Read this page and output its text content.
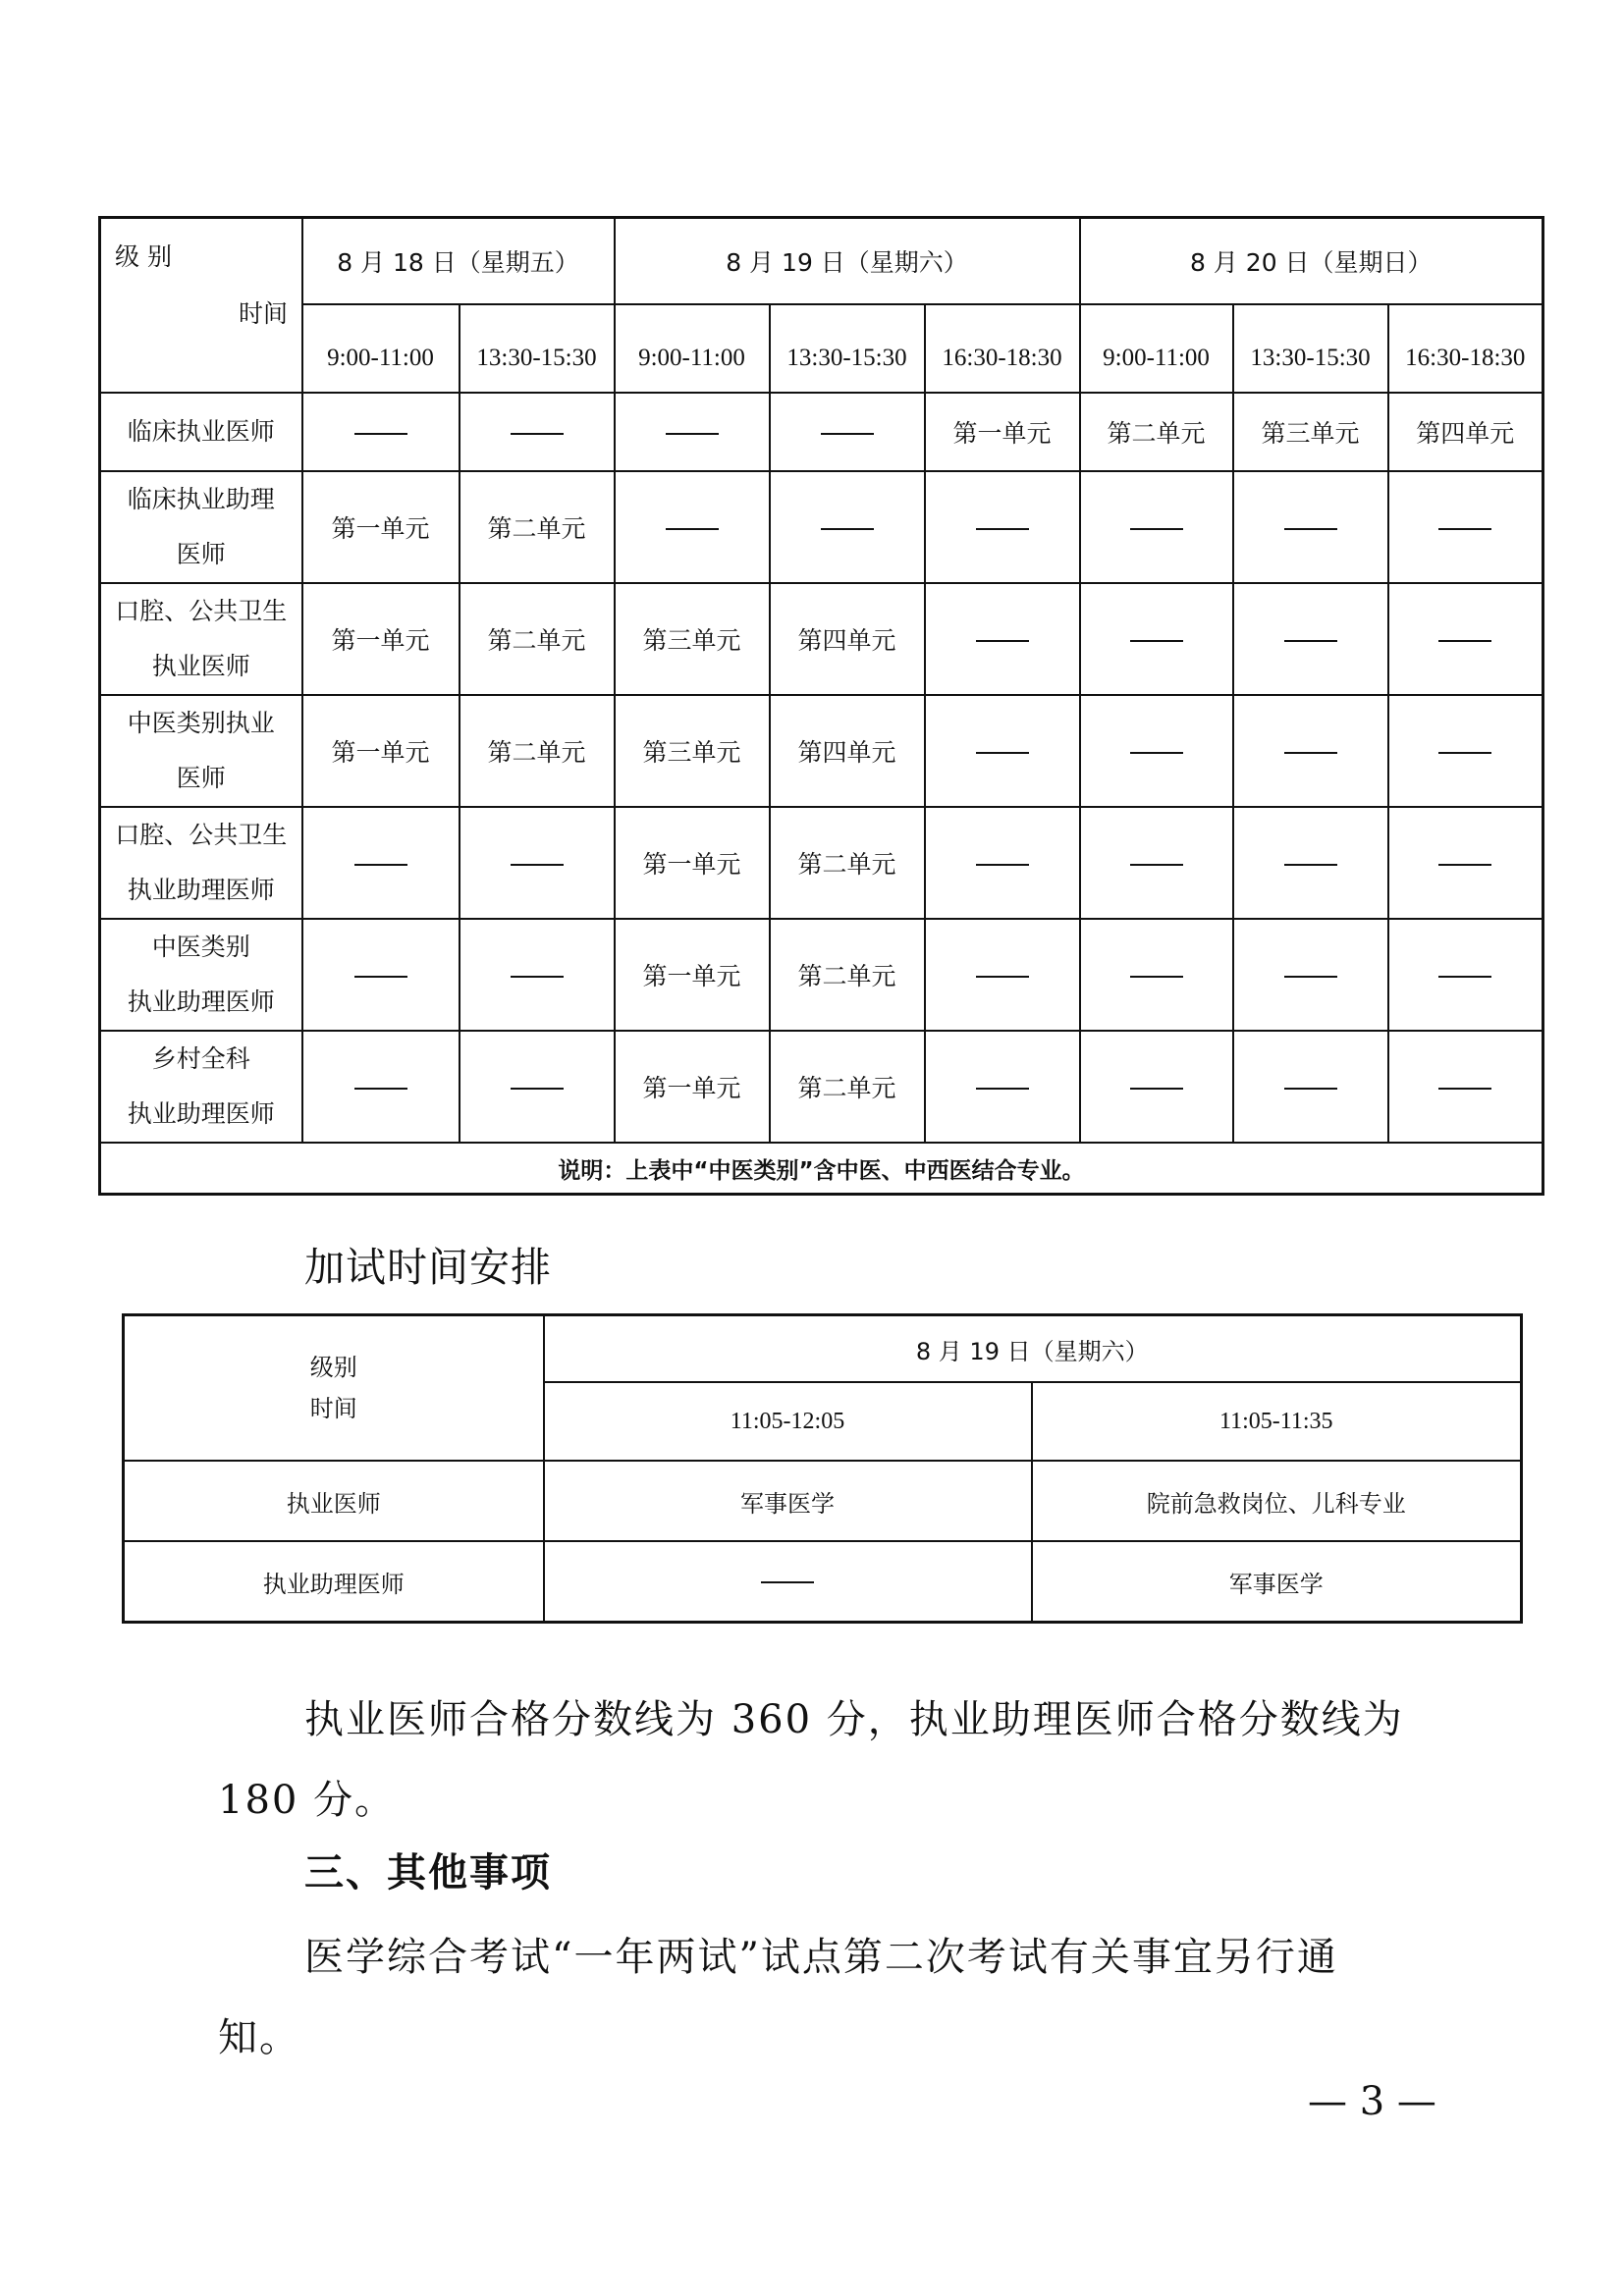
级 别
时间	8 月 18 日（星期五）		8 月 19 日（星期六）			8 月 20 日（星期日）		
	9:00-11:00	13:30-15:30	9:00-11:00	13:30-15:30	16:30-18:30	9:00-11:00	13:30-15:30	16:30-18:30

临床执业医师					第一单元	第二单元	第三单元	第四单元

临床执业助理
医师	第一单元	第二单元						

口腔、公共卫生
执业医师	第一单元	第二单元	第三单元	第四单元				

中医类别执业
医师	第一单元	第二单元	第三单元	第四单元				

口腔、公共卫生
执业助理医师			第一单元	第二单元				

中医类别
执业助理医师			第一单元	第二单元				

乡村全科
执业助理医师			第一单元	第二单元				
说明：上表中“中医类别”含中医、中西医结合专业。								
加试时间安排
级别
时间	8 月 19 日（星期六）	
	11:05-12:05	11:05-11:35
执业医师	军事医学	院前急救岗位、儿科专业
执业助理医师		军事医学
执业医师合格分数线为 360 分，执业助理医师合格分数线为
180 分。
三、其他事项
医学综合考试“一年两试”试点第二次考试有关事宜另行通
知。
— 3 —
